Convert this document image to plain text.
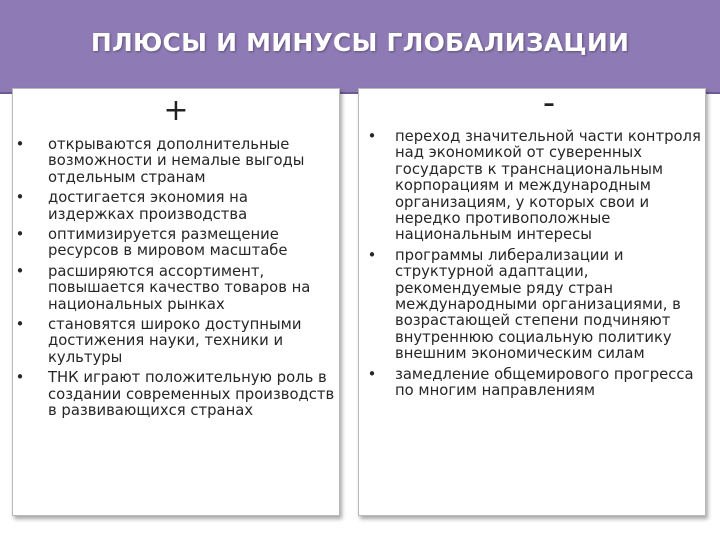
ПЛЮСЫ И МИНУСЫ ГЛОБАЛИЗАЦИИ
+
• открываются дополнительные возможности и немалые выгоды отдельным странам
• достигается экономия на издержках производства
• оптимизируется размещение ресурсов в мировом масштабе
• расширяются ассортимент, повышается качество товаров на национальных рынках
• становятся широко доступными достижения науки, техники и культуры
• ТНК играют положительную роль в создании современных производств в развивающихся странах
-
• переход значительной части контроля над экономикой от суверенных государств к транснациональным корпорациям и международным организациям, у которых свои и нередко противоположные национальным интересы
• программы либерализации и структурной адаптации, рекомендуемые ряду стран международными организациями, в возрастающей степени подчиняют внутреннюю социальную политику внешним экономическим силам
• замедление общемирового прогресса по многим направлениям
